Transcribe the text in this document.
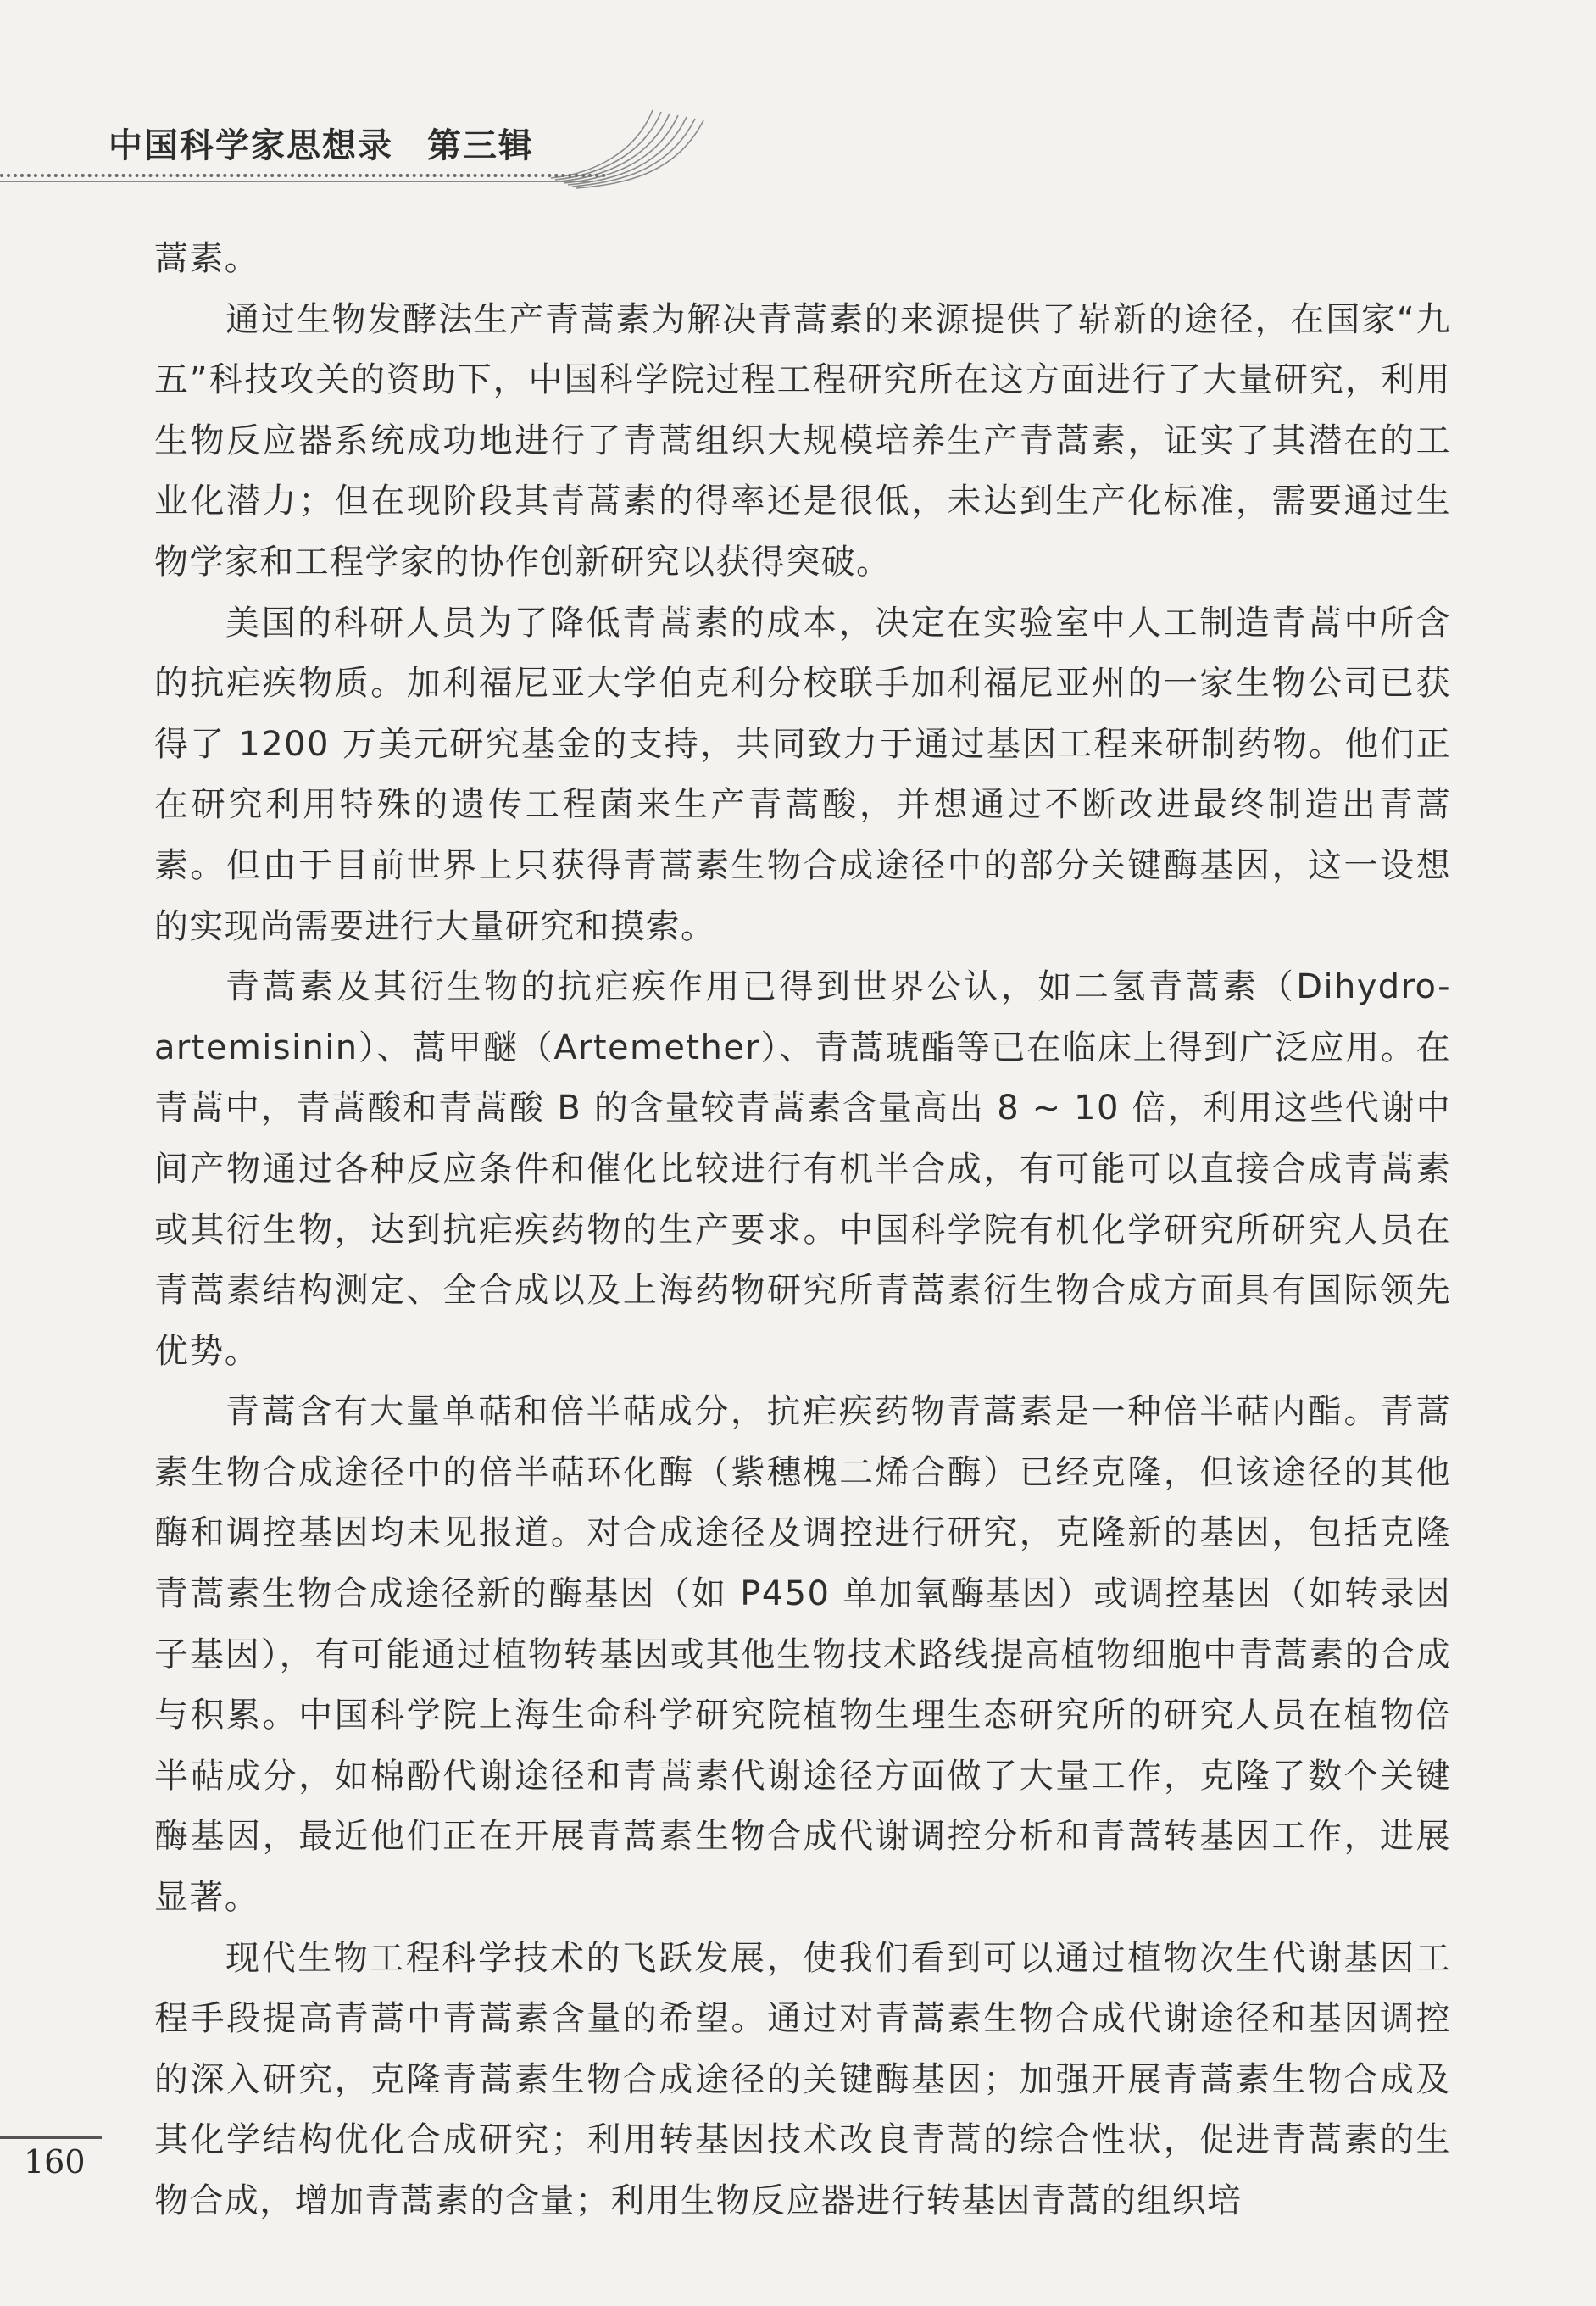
中国科学家思想录 第三辑

蒿素。

通过生物发酵法生产青蒿素为解决青蒿素的来源提供了崭新的途径，在国家“九五”科技攻关的资助下，中国科学院过程工程研究所在这方面进行了大量研究，利用生物反应器系统成功地进行了青蒿组织大规模培养生产青蒿素，证实了其潜在的工业化潜力；但在现阶段其青蒿素的得率还是很低，未达到生产化标准，需要通过生物学家和工程学家的协作创新研究以获得突破。

美国的科研人员为了降低青蒿素的成本，决定在实验室中人工制造青蒿中所含的抗疟疾物质。加利福尼亚大学伯克利分校联手加利福尼亚州的一家生物公司已获得了 1200 万美元研究基金的支持，共同致力于通过基因工程来研制药物。他们正在研究利用特殊的遗传工程菌来生产青蒿酸，并想通过不断改进最终制造出青蒿素。但由于目前世界上只获得青蒿素生物合成途径中的部分关键酶基因，这一设想的实现尚需要进行大量研究和摸索。

青蒿素及其衍生物的抗疟疾作用已得到世界公认，如二氢青蒿素（Dihydro-artemisinin）、蒿甲醚（Artemether）、青蒿琥酯等已在临床上得到广泛应用。在青蒿中，青蒿酸和青蒿酸 B 的含量较青蒿素含量高出 8 ~ 10 倍，利用这些代谢中间产物通过各种反应条件和催化比较进行有机半合成，有可能可以直接合成青蒿素或其衍生物，达到抗疟疾药物的生产要求。中国科学院有机化学研究所研究人员在青蒿素结构测定、全合成以及上海药物研究所青蒿素衍生物合成方面具有国际领先优势。

青蒿含有大量单萜和倍半萜成分，抗疟疾药物青蒿素是一种倍半萜内酯。青蒿素生物合成途径中的倍半萜环化酶（紫穗槐二烯合酶）已经克隆，但该途径的其他酶和调控基因均未见报道。对合成途径及调控进行研究，克隆新的基因，包括克隆青蒿素生物合成途径新的酶基因（如 P450 单加氧酶基因）或调控基因（如转录因子基因），有可能通过植物转基因或其他生物技术路线提高植物细胞中青蒿素的合成与积累。中国科学院上海生命科学研究院植物生理生态研究所的研究人员在植物倍半萜成分，如棉酚代谢途径和青蒿素代谢途径方面做了大量工作，克隆了数个关键酶基因，最近他们正在开展青蒿素生物合成代谢调控分析和青蒿转基因工作，进展显著。

现代生物工程科学技术的飞跃发展，使我们看到可以通过植物次生代谢基因工程手段提高青蒿中青蒿素含量的希望。通过对青蒿素生物合成代谢途径和基因调控的深入研究，克隆青蒿素生物合成途径的关键酶基因；加强开展青蒿素生物合成及其化学结构优化合成研究；利用转基因技术改良青蒿的综合性状，促进青蒿素的生物合成，增加青蒿素的含量；利用生物反应器进行转基因青蒿的组织培

160
